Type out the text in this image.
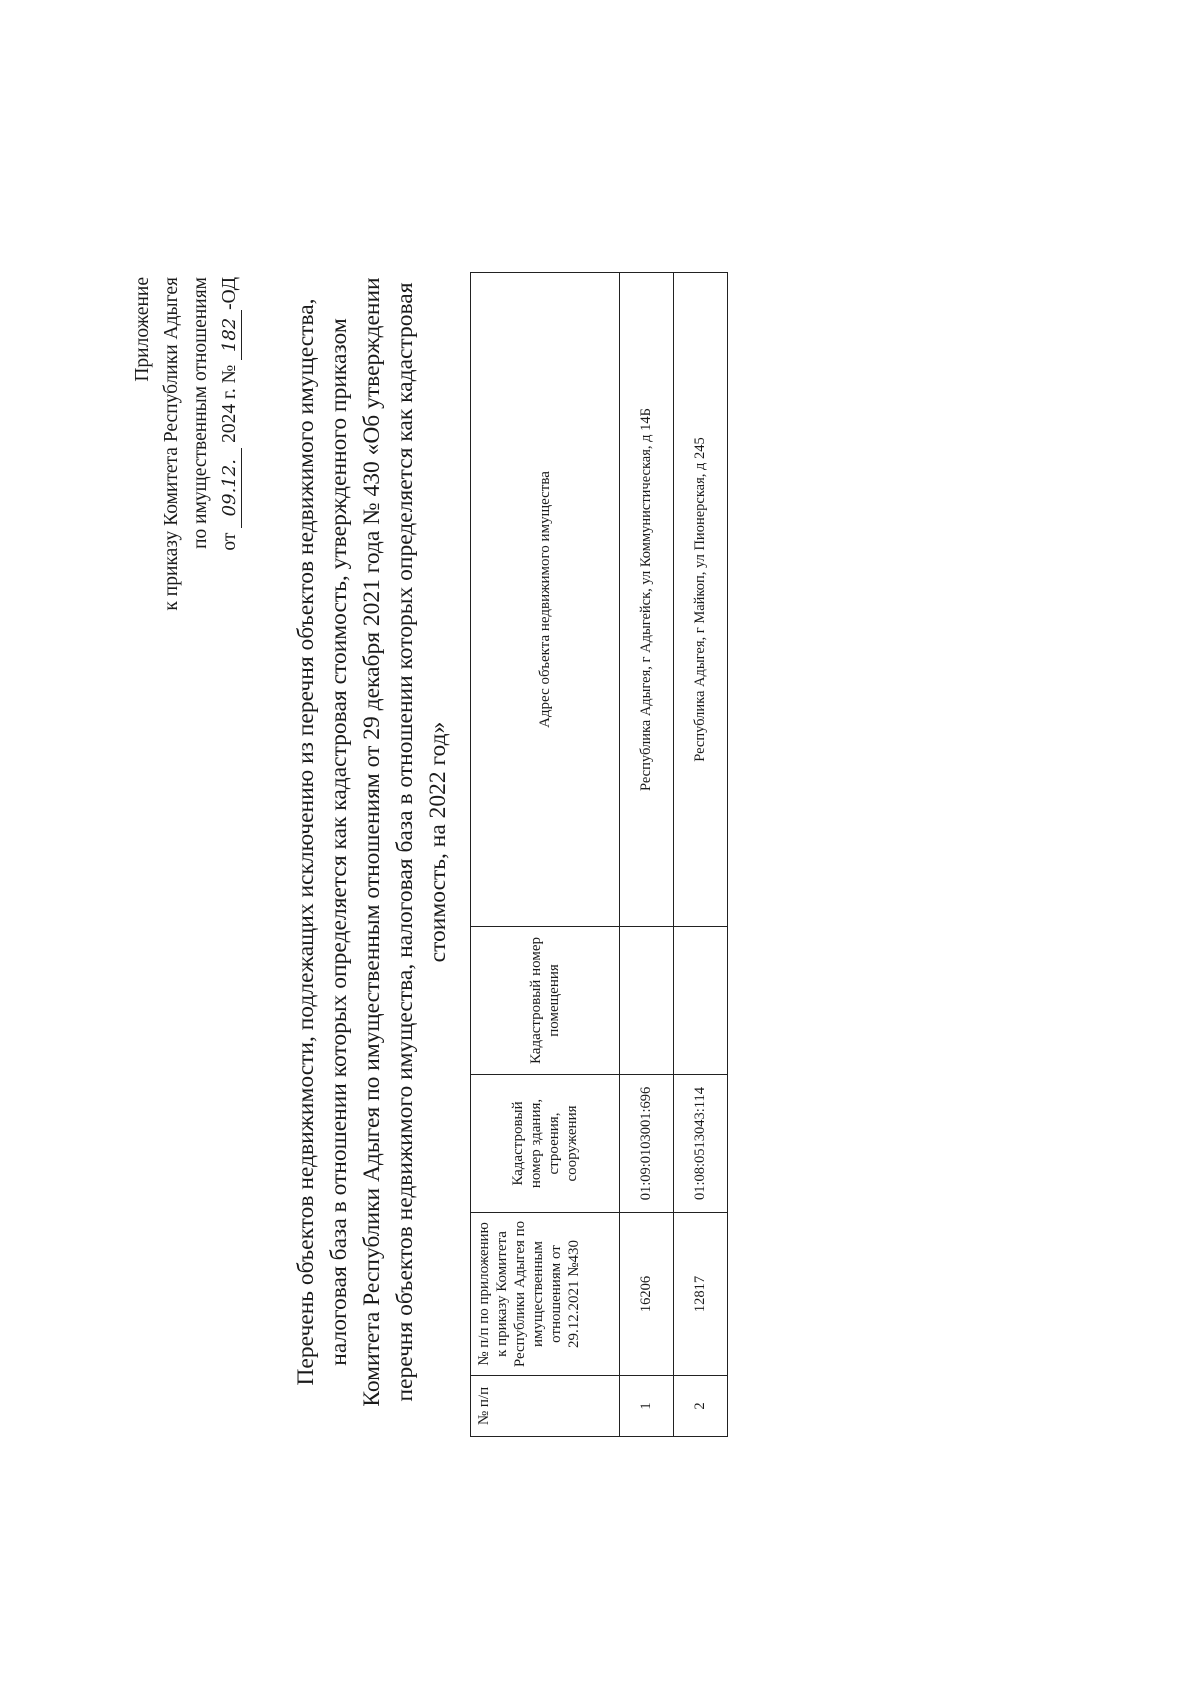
Приложение к приказу Комитета Республики Адыгея по имущественным отношениям от 09.12. 2024 г. № 182-ОД
Перечень объектов недвижимости, подлежащих исключению из перечня объектов недвижимого имущества, налоговая база в отношении которых определяется как кадастровая стоимость, утвержденного приказом Комитета Республики Адыгея по имущественным отношениям от 29 декабря 2021 года № 430 «Об утверждении перечня объектов недвижимого имущества, налоговая база в отношении которых определяется как кадастровая стоимость, на 2022 год»
№ п/п	№ п/п по приложению к приказу Комитета Республики Адыгея по имущественным отношениям от 29.12.2021 №430	Кадастровый номер здания, строения, сооружения	Кадастровый номер помещения	Адрес объекта недвижимого имущества
1	16206	01:09:0103001:696		Республика Адыгея, г Адыгейск, ул Коммунистическая, д 14Б
2	12817	01:08:0513043:114		Республика Адыгея, г Майкоп, ул Пионерская, д 245
